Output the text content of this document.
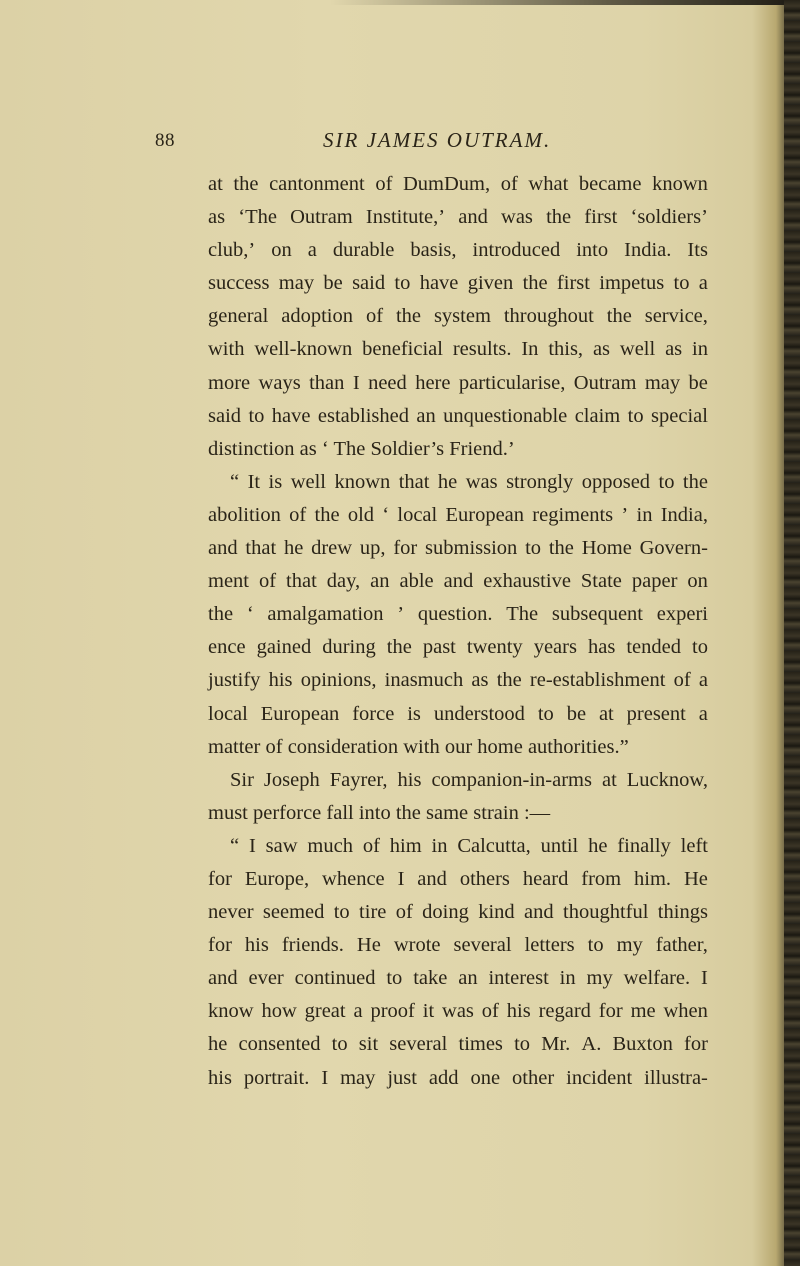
88	SIR JAMES OUTRAM.
at the cantonment of DumDum, of what became known
as ‘The Outram Institute,’ and was the first ‘soldiers’
club,’ on a durable basis, introduced into India. Its
success may be said to have given the first impetus to a
general adoption of the system throughout the service,
with well-known beneficial results. In this, as well as in
more ways than I need here particularise, Outram may be
said to have established an unquestionable claim to special
distinction as ‘ The Soldier’s Friend.’
“ It is well known that he was strongly opposed to the
abolition of the old ‘ local European regiments ’ in India,
and that he drew up, for submission to the Home Govern-
ment of that day, an able and exhaustive State paper on
the ‘ amalgamation ’ question. The subsequent experi
ence gained during the past twenty years has tended to
justify his opinions, inasmuch as the re-establishment of a
local European force is understood to be at present a
matter of consideration with our home authorities.”
Sir Joseph Fayrer, his companion-in-arms at Lucknow,
must perforce fall into the same strain :—
“ I saw much of him in Calcutta, until he finally left
for Europe, whence I and others heard from him. He
never seemed to tire of doing kind and thoughtful things
for his friends. He wrote several letters to my father,
and ever continued to take an interest in my welfare. I
know how great a proof it was of his regard for me when
he consented to sit several times to Mr. A. Buxton for
his portrait. I may just add one other incident illustra-
